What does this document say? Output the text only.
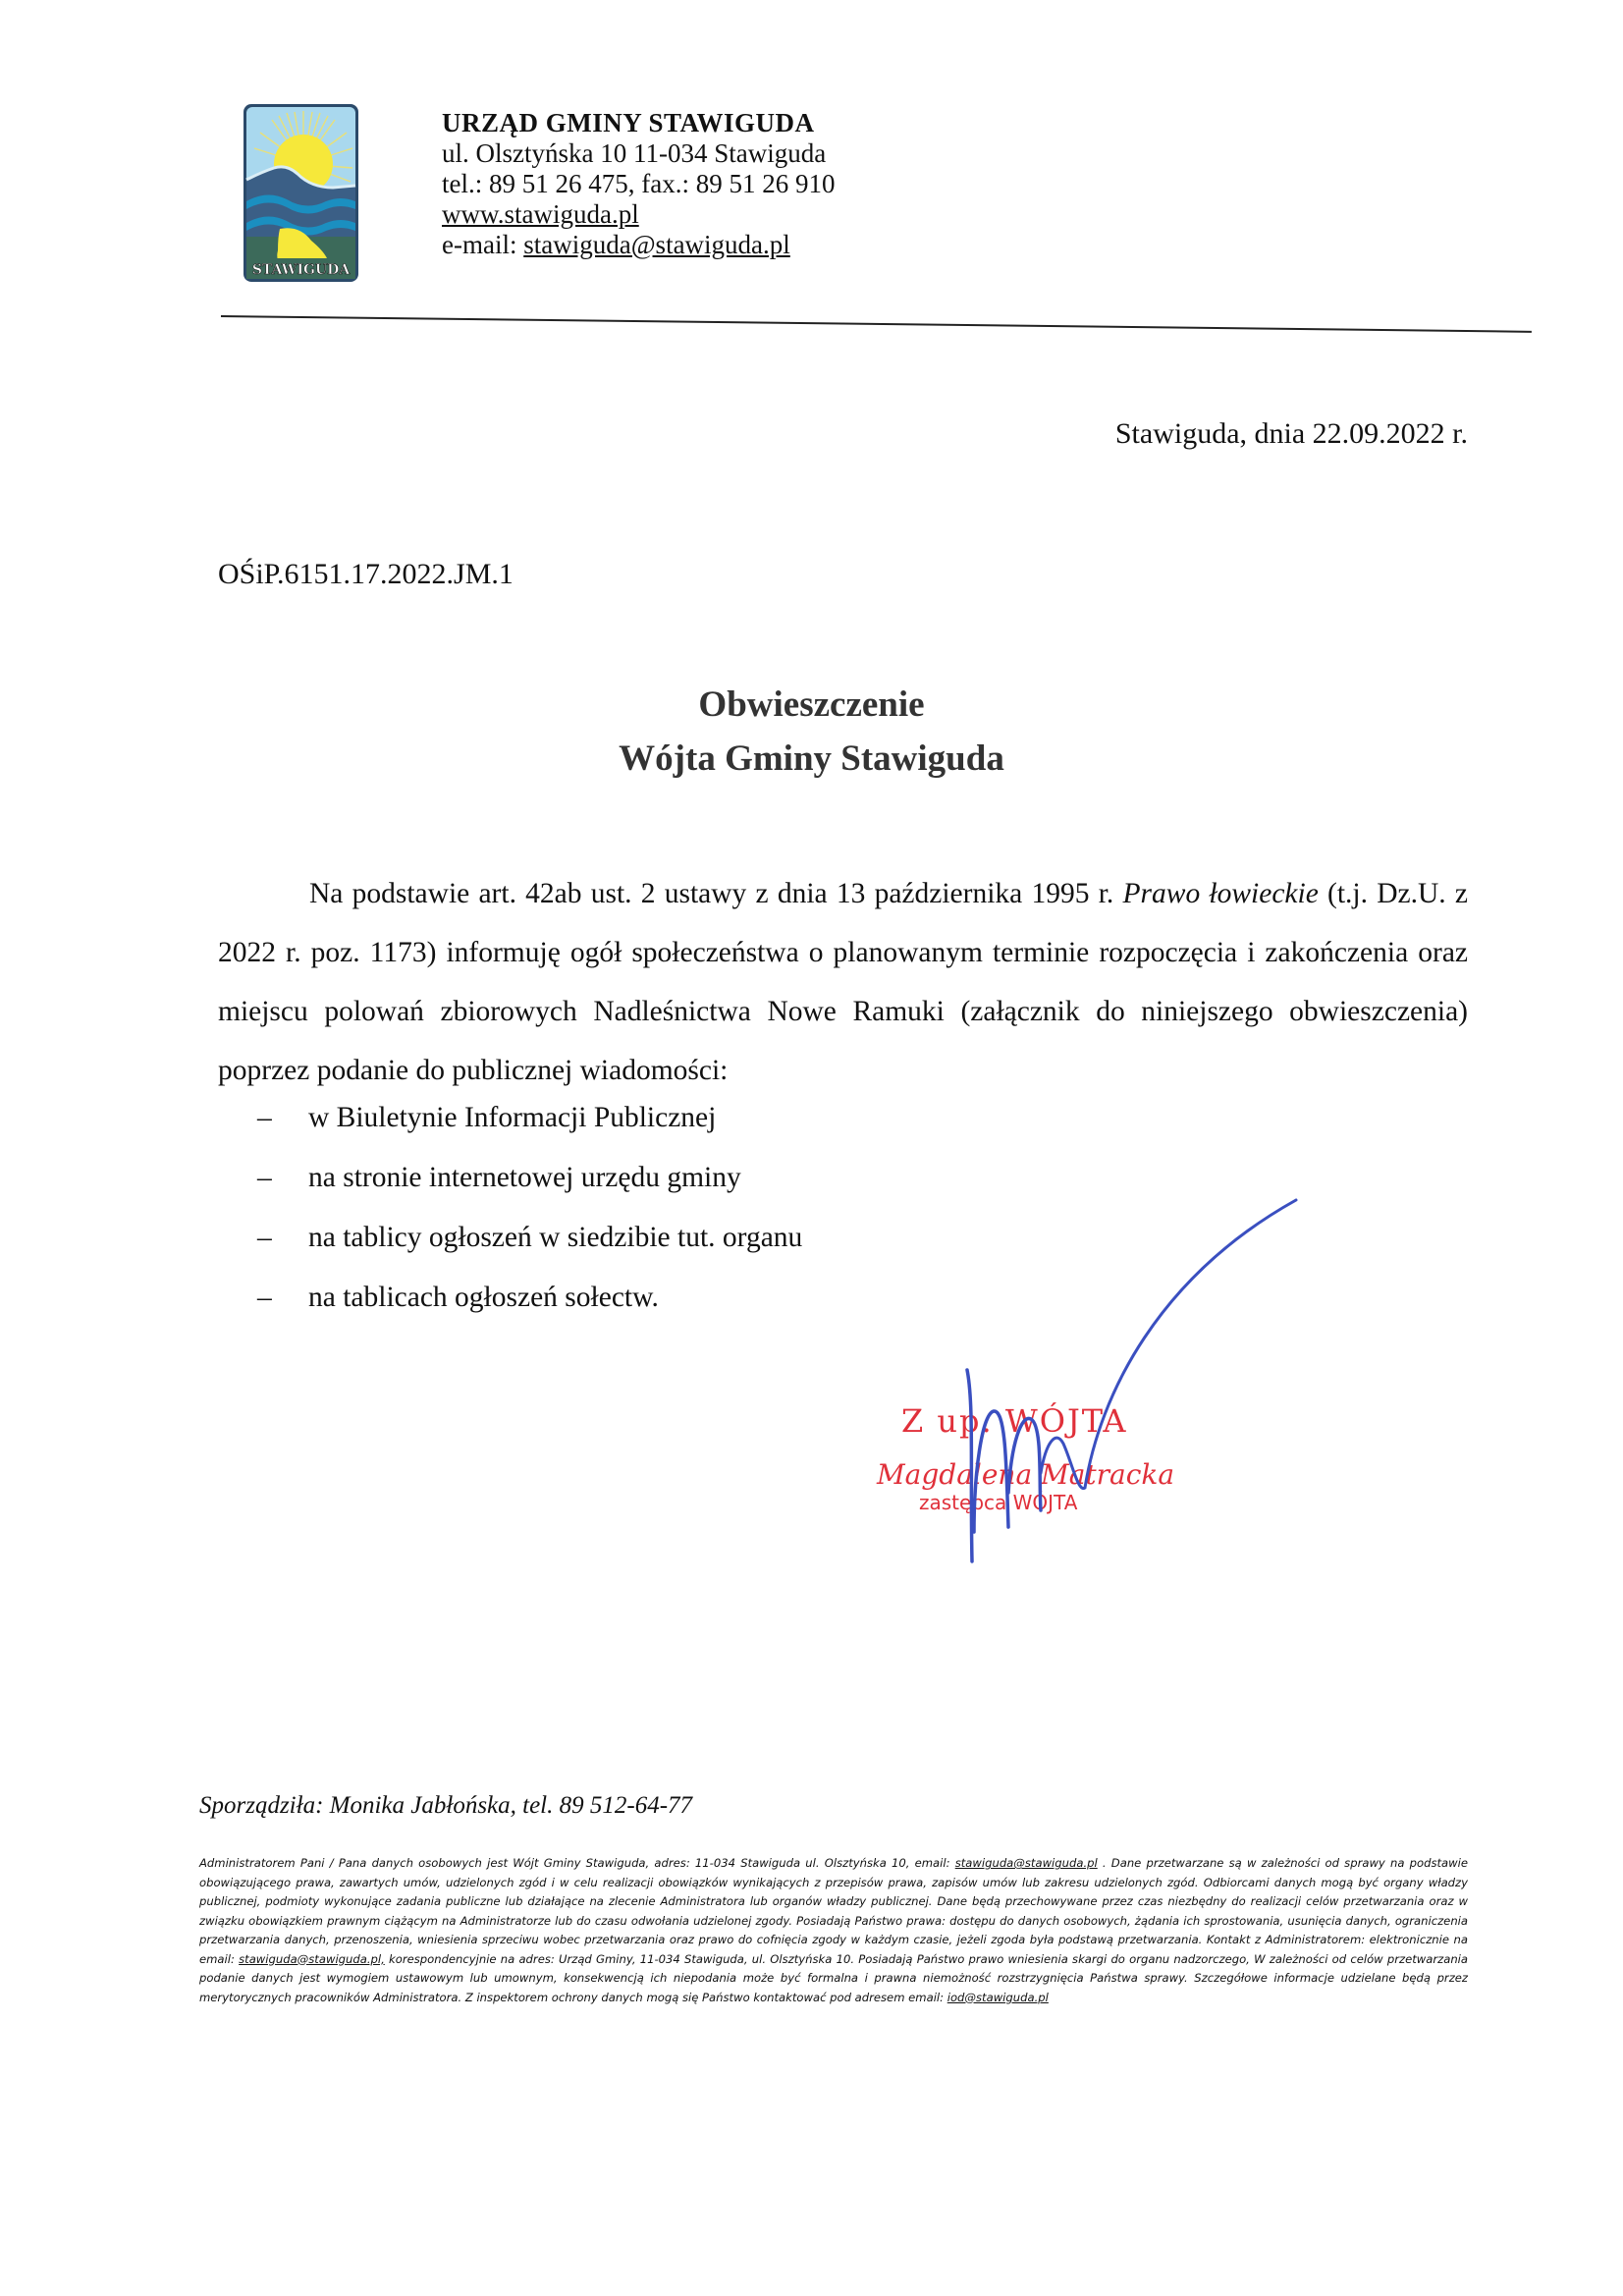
STAWIGUDA
URZĄD GMINY STAWIGUDA
ul. Olsztyńska 10 11-034 Stawiguda
tel.: 89 51 26 475, fax.: 89 51 26 910
www.stawiguda.pl
e-mail: stawiguda@stawiguda.pl
Stawiguda, dnia 22.09.2022 r.
OŚiP.6151.17.2022.JM.1
Obwieszczenie
Wójta Gminy Stawiguda
Na podstawie art. 42ab ust. 2 ustawy z dnia 13 października 1995 r. Prawo łowieckie (t.j. Dz.U. z 2022 r. poz. 1173) informuję ogół społeczeństwa o planowanym terminie rozpoczęcia i zakończenia oraz miejscu polowań zbiorowych Nadleśnictwa Nowe Ramuki (załącznik do niniejszego obwieszczenia) poprzez podanie do publicznej wiadomości:
–	w Biuletynie Informacji Publicznej
–	na stronie internetowej urzędu gminy
–	na tablicy ogłoszeń w siedzibie tut. organu
–	na tablicach ogłoszeń sołectw.
Z up. WÓJTA
Magdalena Matracka
zastępca WÓJTA
Sporządziła: Monika Jabłońska, tel. 89 512-64-77
Administratorem Pani / Pana danych osobowych jest Wójt Gminy Stawiguda, adres: 11-034 Stawiguda ul. Olsztyńska 10, email: stawiguda@stawiguda.pl . Dane przetwarzane są w zależności od sprawy na podstawie obowiązującego prawa, zawartych umów, udzielonych zgód i w celu realizacji obowiązków wynikających z przepisów prawa, zapisów umów lub zakresu udzielonych zgód. Odbiorcami danych mogą być organy władzy publicznej, podmioty wykonujące zadania publiczne lub działające na zlecenie Administratora lub organów władzy publicznej. Dane będą przechowywane przez czas niezbędny do realizacji celów przetwarzania oraz w związku obowiązkiem prawnym ciążącym na Administratorze lub do czasu odwołania udzielonej zgody. Posiadają Państwo prawa: dostępu do danych osobowych, żądania ich sprostowania, usunięcia danych, ograniczenia przetwarzania danych, przenoszenia, wniesienia sprzeciwu wobec przetwarzania oraz prawo do cofnięcia zgody w każdym czasie, jeżeli zgoda była podstawą przetwarzania. Kontakt z Administratorem: elektronicznie na email: stawiguda@stawiguda.pl, korespondencyjnie na adres: Urząd Gminy, 11-034 Stawiguda, ul. Olsztyńska 10. Posiadają Państwo prawo wniesienia skargi do organu nadzorczego, W zależności od celów przetwarzania podanie danych jest wymogiem ustawowym lub umownym, konsekwencją ich niepodania może być formalna i prawna niemożność rozstrzygnięcia Państwa sprawy. Szczegółowe informacje udzielane będą przez merytorycznych pracowników Administratora. Z inspektorem ochrony danych mogą się Państwo kontaktować pod adresem email: iod@stawiguda.pl
